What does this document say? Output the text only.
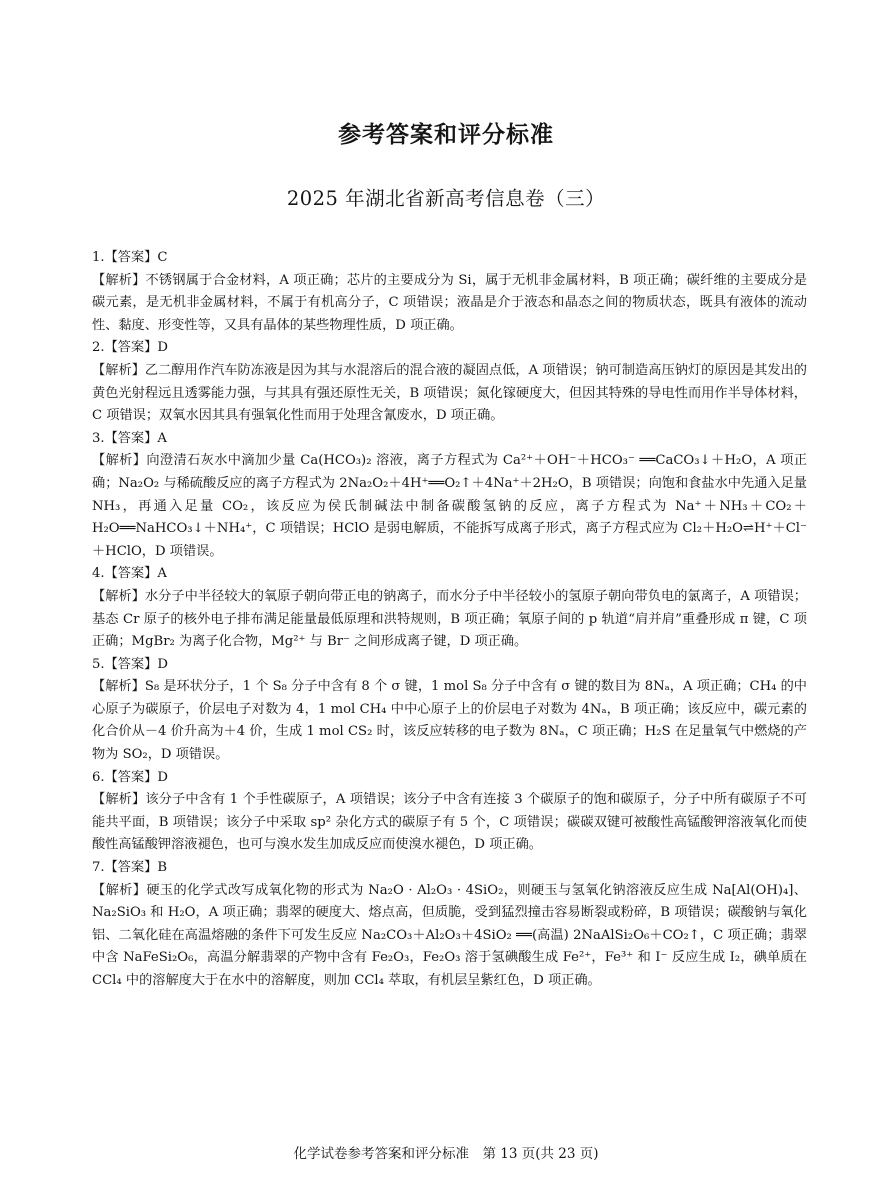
参考答案和评分标准
2025 年湖北省新高考信息卷（三）

1.【答案】C

【解析】不锈钢属于合金材料，A 项正确；芯片的主要成分为 Si，属于无机非金属材料，B 项正确；碳纤维的主要成分是碳元素，是无机非金属材料，不属于有机高分子，C 项错误；液晶是介于液态和晶态之间的物质状态，既具有液体的流动性、黏度、形变性等，又具有晶体的某些物理性质，D 项正确。

2.【答案】D

【解析】乙二醇用作汽车防冻液是因为其与水混溶后的混合液的凝固点低，A 项错误；钠可制造高压钠灯的原因是其发出的黄色光射程远且透雾能力强，与其具有强还原性无关，B 项错误；氮化镓硬度大，但因其特殊的导电性而用作半导体材料，C 项错误；双氧水因其具有强氧化性而用于处理含氰废水，D 项正确。

3.【答案】A

【解析】向澄清石灰水中滴加少量 Ca(HCO₃)₂ 溶液，离子方程式为 Ca²⁺＋OH⁻＋HCO₃⁻ ══CaCO₃↓＋H₂O，A 项正确；Na₂O₂ 与稀硫酸反应的离子方程式为 2Na₂O₂＋4H⁺══O₂↑＋4Na⁺＋2H₂O，B 项错误；向饱和食盐水中先通入足量 NH₃，再通入足量 CO₂，该反应为侯氏制碱法中制备碳酸氢钠的反应，离子方程式为 Na⁺＋NH₃＋CO₂＋H₂O══NaHCO₃↓＋NH₄⁺，C 项错误；HClO 是弱电解质，不能拆写成离子形式，离子方程式应为 Cl₂＋H₂O⇌H⁺＋Cl⁻＋HClO，D 项错误。

4.【答案】A

【解析】水分子中半径较大的氧原子朝向带正电的钠离子，而水分子中半径较小的氢原子朝向带负电的氯离子，A 项错误；基态 Cr 原子的核外电子排布满足能量最低原理和洪特规则，B 项正确；氧原子间的 p 轨道“肩并肩”重叠形成 π 键，C 项正确；MgBr₂ 为离子化合物，Mg²⁺ 与 Br⁻ 之间形成离子键，D 项正确。

5.【答案】D

【解析】S₈ 是环状分子，1 个 S₈ 分子中含有 8 个 σ 键，1 mol S₈ 分子中含有 σ 键的数目为 8Nₐ，A 项正确；CH₄ 的中心原子为碳原子，价层电子对数为 4，1 mol CH₄ 中中心原子上的价层电子对数为 4Nₐ，B 项正确；该反应中，碳元素的化合价从－4 价升高为＋4 价，生成 1 mol CS₂ 时，该反应转移的电子数为 8Nₐ，C 项正确；H₂S 在足量氧气中燃烧的产物为 SO₂，D 项错误。

6.【答案】D

【解析】该分子中含有 1 个手性碳原子，A 项错误；该分子中含有连接 3 个碳原子的饱和碳原子，分子中所有碳原子不可能共平面，B 项错误；该分子中采取 sp² 杂化方式的碳原子有 5 个，C 项错误；碳碳双键可被酸性高锰酸钾溶液氧化而使酸性高锰酸钾溶液褪色，也可与溴水发生加成反应而使溴水褪色，D 项正确。

7.【答案】B

【解析】硬玉的化学式改写成氧化物的形式为 Na₂O · Al₂O₃ · 4SiO₂，则硬玉与氢氧化钠溶液反应生成 Na[Al(OH)₄]、Na₂SiO₃ 和 H₂O，A 项正确；翡翠的硬度大、熔点高，但质脆，受到猛烈撞击容易断裂或粉碎，B 项错误；碳酸钠与氧化铝、二氧化硅在高温熔融的条件下可发生反应 Na₂CO₃＋Al₂O₃＋4SiO₂ ══(高温) 2NaAlSi₂O₆＋CO₂↑，C 项正确；翡翠中含 NaFeSi₂O₆，高温分解翡翠的产物中含有 Fe₂O₃，Fe₂O₃ 溶于氢碘酸生成 Fe²⁺，Fe³⁺ 和 I⁻ 反应生成 I₂，碘单质在 CCl₄ 中的溶解度大于在水中的溶解度，则加 CCl₄ 萃取，有机层呈紫红色，D 项正确。

化学试卷参考答案和评分标准　第 13 页(共 23 页)
